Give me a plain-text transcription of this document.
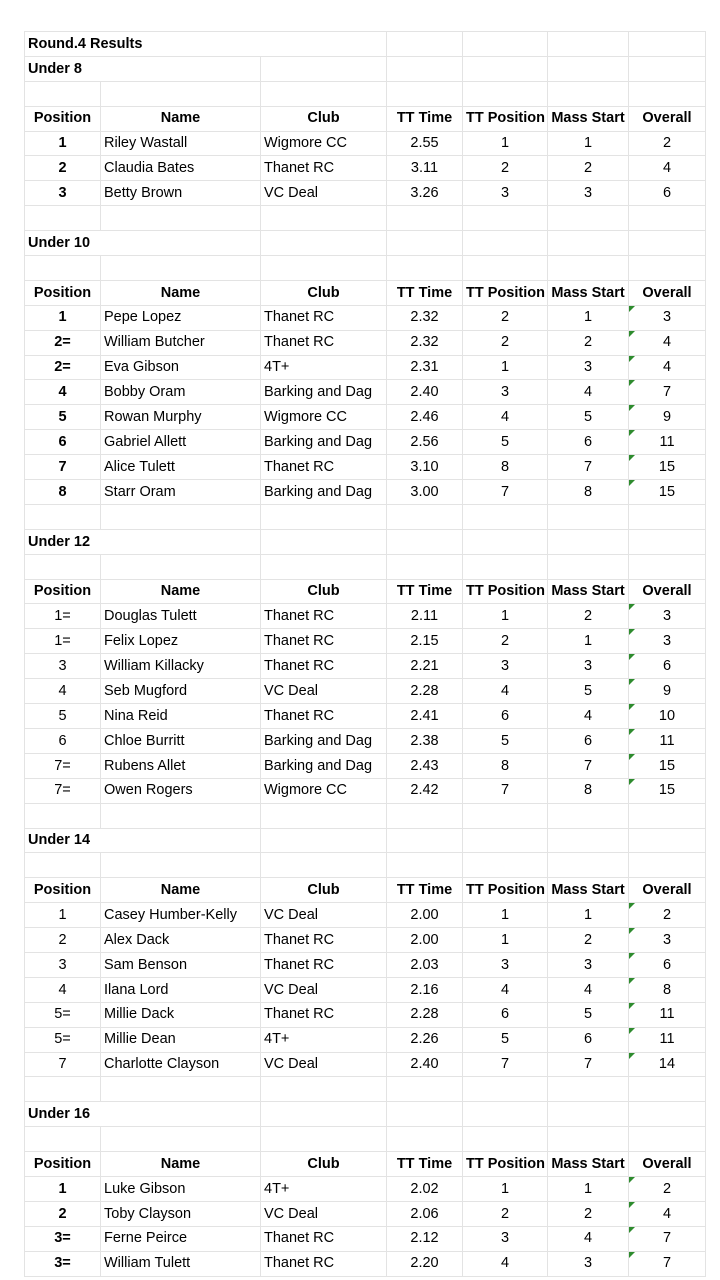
Round.4 Results						
Under 8						

Position	Name	Club	TT Time	TT Position	Mass Start	Overall
1	Riley Wastall	Wigmore CC	2.55	1	1	2
2	Claudia Bates	Thanet RC	3.11	2	2	4
3	Betty Brown	VC Deal	3.26	3	3	6

Under 10						

Position	Name	Club	TT Time	TT Position	Mass Start	Overall
1	Pepe Lopez	Thanet RC	2.32	2	1	3
2=	William Butcher	Thanet RC	2.32	2	2	4
2=	Eva Gibson	4T+	2.31	1	3	4
4	Bobby Oram	Barking and Dag	2.40	3	4	7
5	Rowan Murphy	Wigmore CC	2.46	4	5	9
6	Gabriel Allett	Barking and Dag	2.56	5	6	11
7	Alice Tulett	Thanet RC	3.10	8	7	15
8	Starr Oram	Barking and Dag	3.00	7	8	15

Under 12						

Position	Name	Club	TT Time	TT Position	Mass Start	Overall
1=	Douglas Tulett	Thanet RC	2.11	1	2	3
1=	Felix Lopez	Thanet RC	2.15	2	1	3
3	William Killacky	Thanet RC	2.21	3	3	6
4	Seb Mugford	VC Deal	2.28	4	5	9
5	Nina Reid	Thanet RC	2.41	6	4	10
6	Chloe Burritt	Barking and Dag	2.38	5	6	11
7=	Rubens Allet	Barking and Dag	2.43	8	7	15
7=	Owen Rogers	Wigmore CC	2.42	7	8	15

Under 14						

Position	Name	Club	TT Time	TT Position	Mass Start	Overall
1	Casey Humber-Kelly	VC Deal	2.00	1	1	2
2	Alex Dack	Thanet RC	2.00	1	2	3
3	Sam Benson	Thanet RC	2.03	3	3	6
4	Ilana Lord	VC Deal	2.16	4	4	8
5=	Millie Dack	Thanet RC	2.28	6	5	11
5=	Millie Dean	4T+	2.26	5	6	11
7	Charlotte Clayson	VC Deal	2.40	7	7	14

Under 16						

Position	Name	Club	TT Time	TT Position	Mass Start	Overall
1	Luke Gibson	4T+	2.02	1	1	2
2	Toby Clayson	VC Deal	2.06	2	2	4
3=	Ferne Peirce	Thanet RC	2.12	3	4	7
3=	William Tulett	Thanet RC	2.20	4	3	7
